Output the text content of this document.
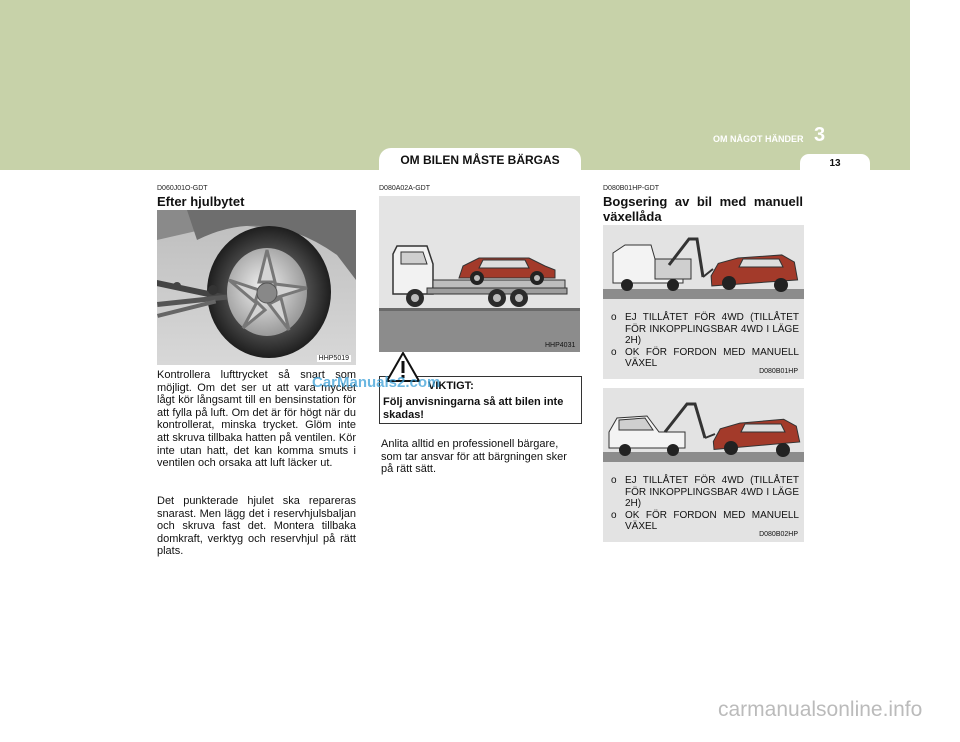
OM NÅGOT HÄNDER 3
13
OM BILEN MÅSTE BÄRGAS
D060J01O-GDT
Efter hjulbytet
HHP5019
Kontrollera lufttrycket så snart som möjligt. Om det ser ut att vara mycket lågt kör långsamt till en bensinstation för att fylla på luft. Om det är för högt när du kontrollerat, minska trycket. Glöm inte att skruva tillbaka hatten på ventilen. Kör inte utan hatt, det kan komma smuts i ventilen och orsaka att luft läcker ut.
Det punkterade hjulet ska repareras snarast. Men lägg det i reservhjulsbaljan och skruva fast det. Montera tillbaka domkraft, verktyg och reservhjul på rätt plats.
D080A02A-GDT
HHP4031
VIKTIGT:
Följ anvisningarna så att bilen inte skadas!
Anlita alltid en professionell bärgare, som tar ansvar för att bärgningen sker på rätt sätt.
D080B01HP-GDT
Bogsering av bil med manuell växellåda
o EJ TILLÅTET FÖR 4WD (TILLÅTET FÖR INKOPPLINGSBAR 4WD I LÄGE 2H)
o OK FÖR FORDON MED MANUELL VÄXEL
D080B01HP
o EJ TILLÅTET FÖR 4WD (TILLÅTET FÖR INKOPPLINGSBAR 4WD I LÄGE 2H)
o OK FÖR FORDON MED MANUELL VÄXEL
D080B02HP
CarManuals2.com
carmanualsonline.info
